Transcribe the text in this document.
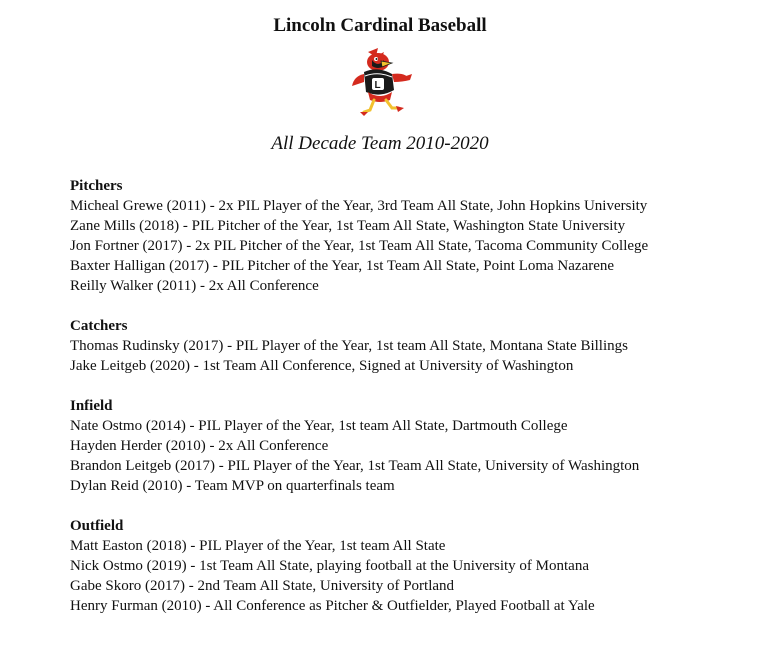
Lincoln Cardinal Baseball
L
All Decade Team 2010-2020

Pitchers

Micheal Grewe (2011) - 2x PIL Player of the Year, 3rd Team All State, John Hopkins University

Zane Mills (2018) - PIL Pitcher of the Year, 1st Team All State, Washington State University

Jon Fortner (2017) - 2x PIL Pitcher of the Year, 1st Team All State, Tacoma Community College

Baxter Halligan (2017) - PIL Pitcher of the Year, 1st Team All State, Point Loma Nazarene

Reilly Walker (2011) - 2x All Conference

Catchers

Thomas Rudinsky (2017) - PIL Player of the Year, 1st team All State, Montana State Billings

Jake Leitgeb (2020) - 1st Team All Conference, Signed at University of Washington

Infield

Nate Ostmo (2014) - PIL Player of the Year, 1st team All State, Dartmouth College

Hayden Herder (2010) - 2x All Conference

Brandon Leitgeb (2017) - PIL Player of the Year, 1st Team All State, University of Washington

Dylan Reid (2010) - Team MVP on quarterfinals team

Outfield

Matt Easton (2018) - PIL Player of the Year, 1st team All State

Nick Ostmo (2019) - 1st Team All State, playing football at the University of Montana

Gabe Skoro (2017) - 2nd Team All State, University of Portland

Henry Furman (2010) - All Conference as Pitcher & Outfielder, Played Football at Yale
